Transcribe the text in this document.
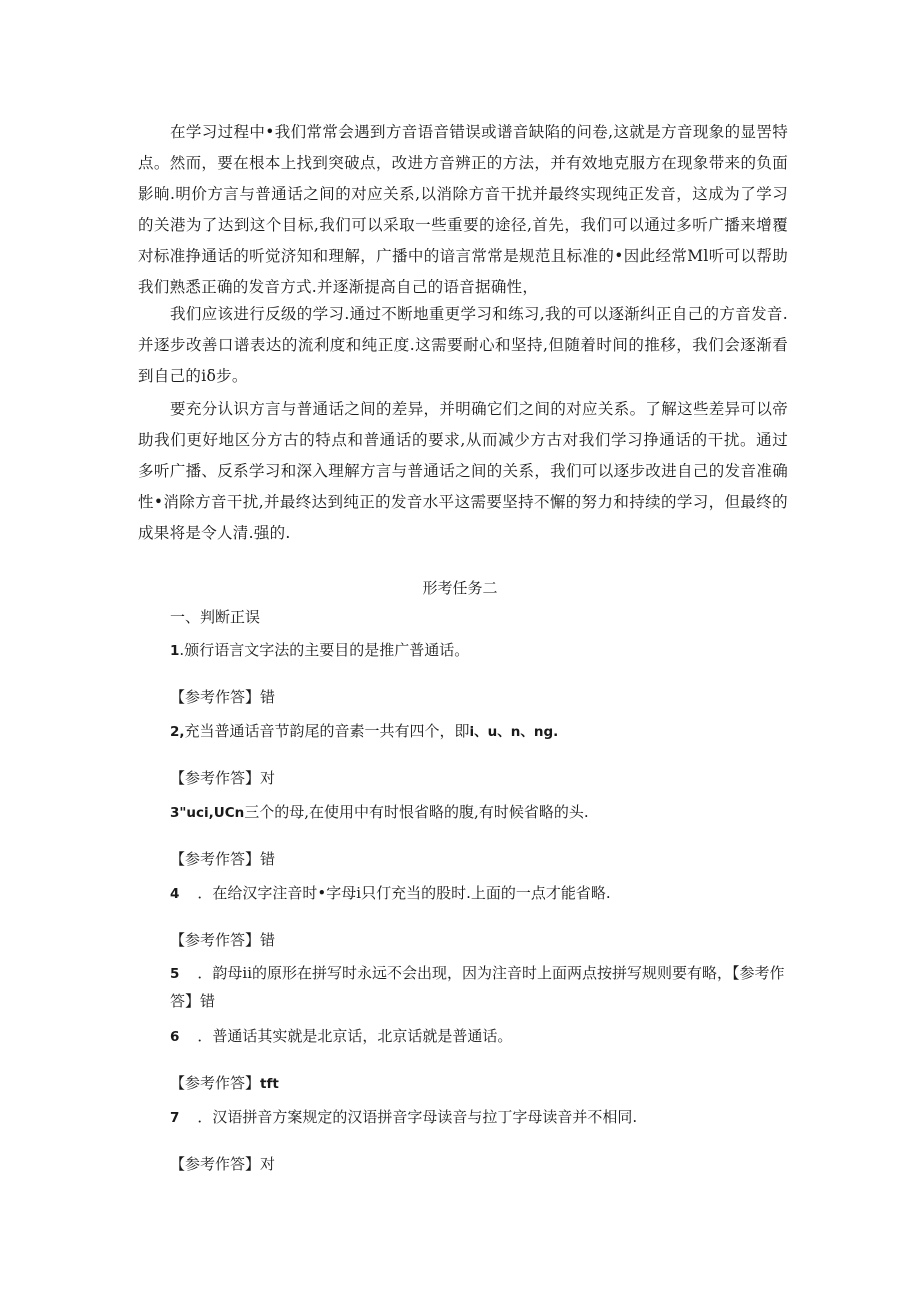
在学习过程中•我们常常会遇到方音语音错误或谱音缺陷的问卷,这就是方音现象的显罟特点。然而，要在根本上找到突破点，改进方音辨正的方法，并有效地克服方在现象带来的负面影晌.明价方言与普通话之间的对应关系,以消除方音干扰并最终实现纯正发音，这成为了学习的关港为了达到这个目标,我们可以采取一些重要的途径,首先，我们可以通过多听广播来增覆对标准挣通话的听觉济知和理解，广播中的谙言常常是规范且标准的•因此经常Ml听可以帮助我们熟悉正确的发音方式.并逐渐提高自己的语音据确性，

我们应该进行反级的学习.通过不断地重更学习和练习,我的可以逐渐纠正自己的方音发音.并逐步改善口谱表达的流利度和纯正度.这需要耐心和坚持,但随着时间的推移，我们会逐渐看到自己的iδ步。

要充分认识方言与普通话之间的差异，并明确它们之间的对应关系。了解这些差异可以帝助我们更好地区分方古的特点和普通话的要求,从而减少方古对我们学习挣通话的干扰。通过多听广播、反系学习和深入理解方言与普通话之间的关系，我们可以逐步改进自己的发音准确性•消除方音干扰,并最终达到纯正的发音水平这需要坚持不懈的努力和持续的学习，但最终的成果将是令人清.强的.

形考任务二
一、判断正误
1.颁行语言文字法的主要目的是推广普通话。
【参考作答】错
2,充当普通话音节韵尾的音素一共有四个，即i、u、n、ng.
【参考作答】对
3"uci,UCn三个的母,在使用中有时恨省略的腹,有时候省略的头.
【参考作答】错
4 ．在给汉字注音时•字母i只仃充当的股时.上面的一点才能省略.
【参考作答】错
5 ．韵母ii的原形在拼写时永远不会出现，因为注音时上面两点按拼写规则要有略，【参考作答】错
6 ．普通话其实就是北京话，北京话就是普通话。
【参考作答】tft
7 ．汉语拼音方案规定的汉语拼音字母读音与拉丁字母读音并不相同.
【参考作答】对
